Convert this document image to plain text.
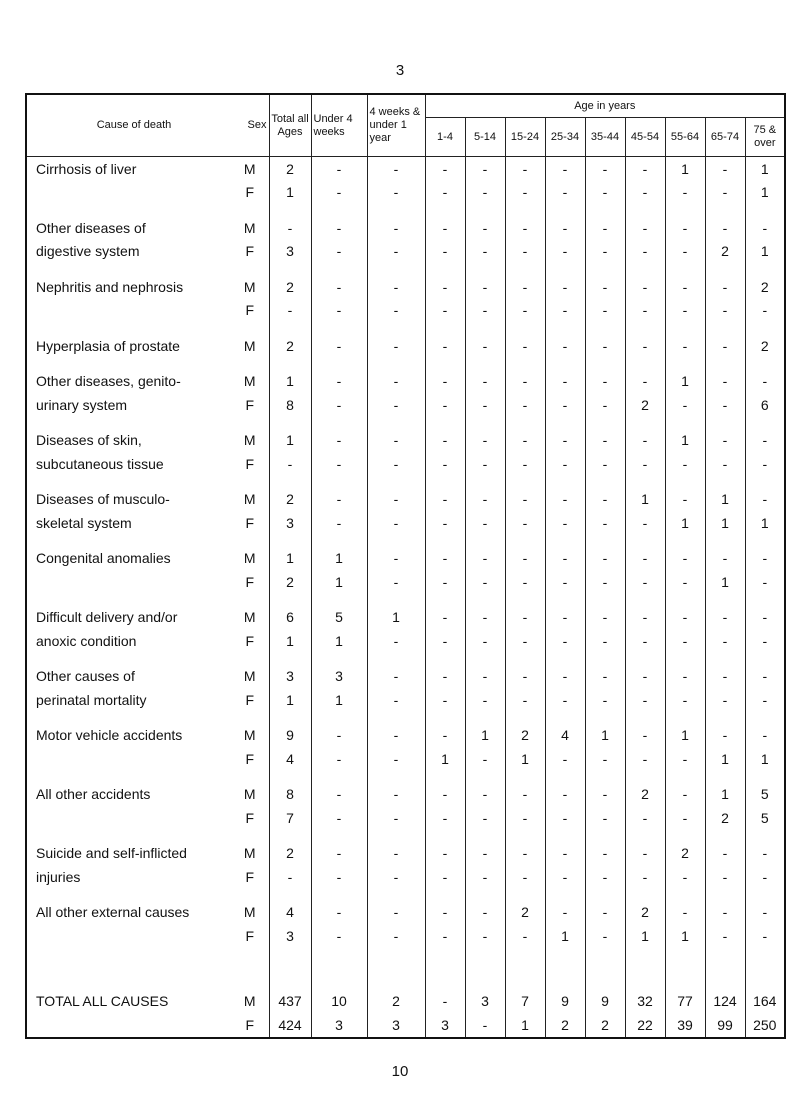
3
Cause of death	Sex	Total all Ages	Under 4 weeks	4 weeks & under 1 year	Age in years								
					1-4	5-14	15-24	25-34	35-44	45-54	55-64	65-74	75 & over
Cirrhosis of liver	M	2	-	-	-	-	-	-	-	-	1	-	1
	F	1	-	-	-	-	-	-	-	-	-	-	1

Other diseases of	M	-	-	-	-	-	-	-	-	-	-	-	-
digestive system	F	3	-	-	-	-	-	-	-	-	-	2	1

Nephritis and nephrosis	M	2	-	-	-	-	-	-	-	-	-	-	2
	F	-	-	-	-	-	-	-	-	-	-	-	-

Hyperplasia of prostate	M	2	-	-	-	-	-	-	-	-	-	-	2

Other diseases, genito-	M	1	-	-	-	-	-	-	-	-	1	-	-
urinary system	F	8	-	-	-	-	-	-	-	2	-	-	6

Diseases of skin,	M	1	-	-	-	-	-	-	-	-	1	-	-
subcutaneous tissue	F	-	-	-	-	-	-	-	-	-	-	-	-

Diseases of musculo-	M	2	-	-	-	-	-	-	-	1	-	1	-
skeletal system	F	3	-	-	-	-	-	-	-	-	1	1	1

Congenital anomalies	M	1	1	-	-	-	-	-	-	-	-	-	-
	F	2	1	-	-	-	-	-	-	-	-	1	-

Difficult delivery and/or	M	6	5	1	-	-	-	-	-	-	-	-	-
anoxic condition	F	1	1	-	-	-	-	-	-	-	-	-	-

Other causes of	M	3	3	-	-	-	-	-	-	-	-	-	-
perinatal mortality	F	1	1	-	-	-	-	-	-	-	-	-	-

Motor vehicle accidents	M	9	-	-	-	1	2	4	1	-	1	-	-
	F	4	-	-	1	-	1	-	-	-	-	1	1

All other accidents	M	8	-	-	-	-	-	-	-	2	-	1	5
	F	7	-	-	-	-	-	-	-	-	-	2	5

Suicide and self-inflicted	M	2	-	-	-	-	-	-	-	-	2	-	-
injuries	F	-	-	-	-	-	-	-	-	-	-	-	-

All other external causes	M	4	-	-	-	-	2	-	-	2	-	-	-
	F	3	-	-	-	-	-	1	-	1	1	-	-

TOTAL ALL CAUSES	M	437	10	2	-	3	7	9	9	32	77	124	164
	F	424	3	3	3	-	1	2	2	22	39	99	250
10
